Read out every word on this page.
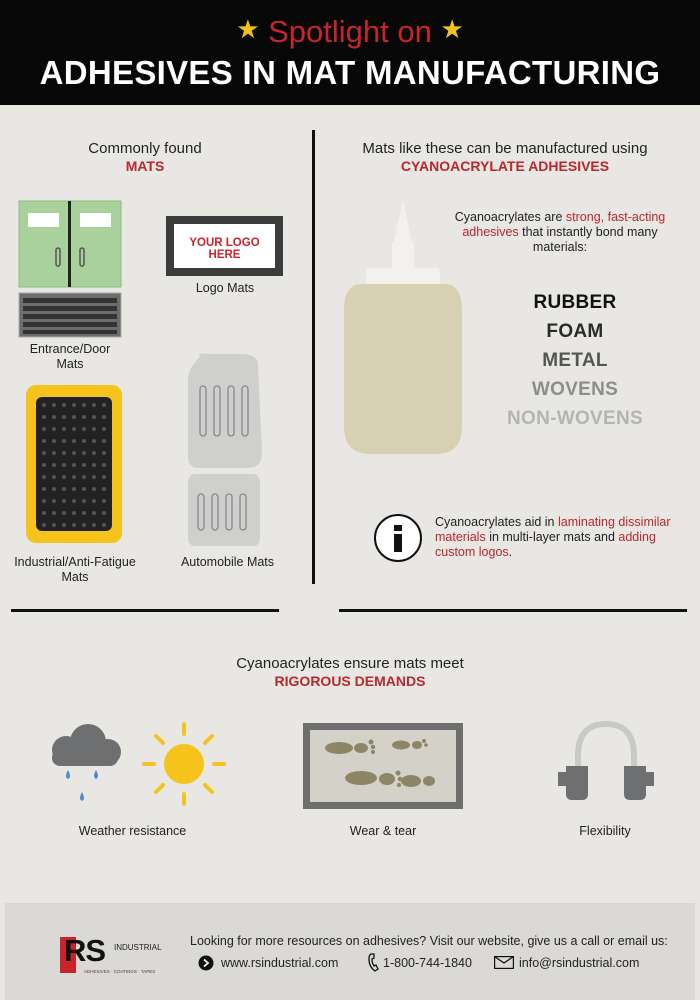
★ Spotlight on ★
ADHESIVES IN MAT MANUFACTURING
Commonly found
MATS
Entrance/Door
Mats
YOUR LOGO HERE
Logo Mats
Industrial/Anti-Fatigue
Mats
Automobile Mats
Mats like these can be manufactured using
CYANOACRYLATE ADHESIVES
Cyanoacrylates are strong, fast-acting adhesives that instantly bond many materials:
RUBBER
FOAM
METAL
WOVENS
NON-WOVENS
Cyanoacrylates aid in laminating dissimilar materials in multi-layer mats and adding custom logos.
Cyanoacrylates ensure mats meet
RIGOROUS DEMANDS
Weather resistance	Wear & tear	Flexibility
RS INDUSTRIAL
ADHESIVES · COATINGS · TAPES
Looking for more resources on adhesives? Visit our website, give us a call or email us:
www.rsindustrial.com	1-800-744-1840	info@rsindustrial.com
